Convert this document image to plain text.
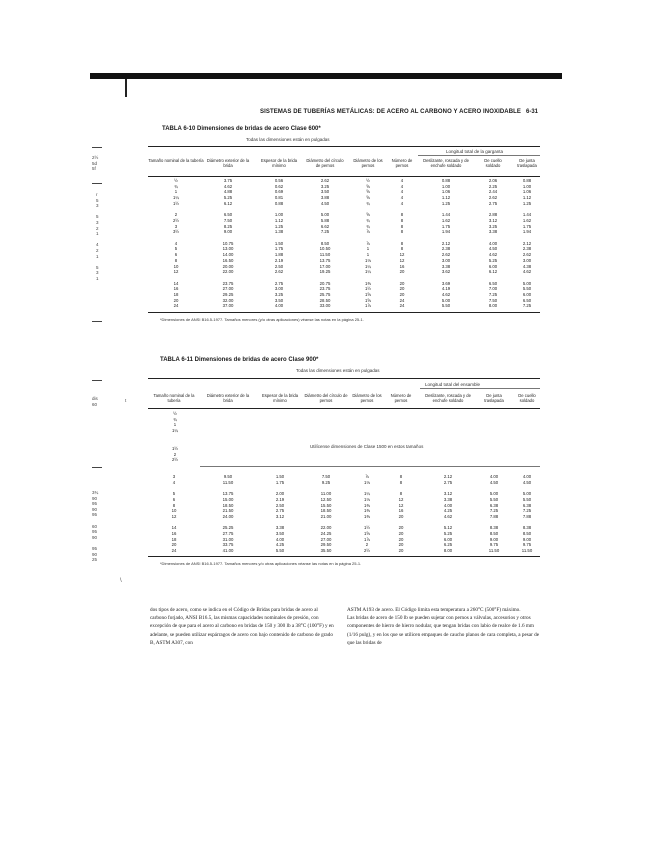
SISTEMAS DE TUBERÍAS METÁLICAS: DE ACERO AL CARBONO Y ACERO INOXIDABLE 6-31
2½
5d
5f
r
5
3

5
3
2
1

4
2
1

5
3
1
TABLA 6-10 Dimensiones de bridas de acero Clase 600*
Todas las dimensiones están en pulgadas
Longitud total de la garganta
Tamaño nominal de la tubería Diámetro exterior de la brida
Espesor de la brida mínimo
Diámetro del círculo de pernos
Diámetro de los pernos
Número de pernos
Deslizante, roscada y de enchufe soldado
De cuello soldado
De junta traslapada
½
¾
1
1¼
1½

2
2½
3
3½

4
5
6
8
10
12

14
16
18
20
24
3.75
4.62
4.88
5.25
6.12

6.50
7.50
8.25
9.00

10.75
13.00
14.00
16.50
20.00
22.00

23.75
27.00
29.25
32.00
37.00
0.56
0.62
0.69
0.81
0.88

1.00
1.12
1.25
1.38

1.50
1.75
1.88
2.19
2.50
2.62

2.75
3.00
3.25
3.50
4.00
2.62
3.25
3.50
3.88
4.50

5.00
5.88
6.62
7.25

8.50
10.50
11.50
13.75
17.00
19.25

20.75
23.75
25.75
28.50
33.00
½
⅝
⅝
⅝
¾

⅝
¾
¾
⅞

⅞
1
1
1⅛
1¼
1¼

1⅜
1½
1⅝
1⅝
1⅞
4
4
4
4
4

8
8
8
8

8
8
12
12
16
20

20
20
20
24
24
0.88
1.00
1.06
1.12
1.25

1.44
1.62
1.75
1.94

2.12
2.38
2.62
3.00
3.38
3.62

3.69
4.19
4.62
5.00
5.50
2.06
2.25
2.44
2.62
2.75

2.88
3.12
3.25
3.38

4.00
4.50
4.62
5.25
6.00
6.12

6.50
7.00
7.25
7.50
8.00
0.88
1.00
1.06
1.12
1.25

1.44
1.62
1.75
1.94

2.12
2.38
2.62
3.00
4.38
4.62

5.00
5.50
6.00
6.50
7.25
*Dimensiones de ANSI B16.5-1977. Tamaños menores (y/o otras aplicaciones) véanse las notas en la página 25-1.
TABLA 6-11 Dimensiones de bridas de acero Clase 900*
Todas las dimensiones están en pulgadas
Longitud total del ensamble
Tamaño nominal de la tubería
Diámetro exterior de la brida
Espesor de la brida mínimo
Diámetro del círculo de pernos
Diámetro de los pernos
Número de pernos
Deslizante, roscada y de enchufe soldado
De junta traslapada
De cuello soldado
½
¾
1
1¼
1½
2
2½
Utilícense dimensiones de Clase 1500 en estos tamaños
3
4

5
6
8
10
12

14
16
18
20
24
9.50
11.50

13.75
15.00
18.50
21.50
24.00

25.25
27.75
31.00
33.75
41.00
1.50
1.75

2.00
2.19
2.50
2.75
3.12

3.38
3.50
4.00
4.25
5.50
7.50
9.25

11.00
12.50
15.50
18.50
21.00

22.00
24.25
27.00
29.50
35.50
⅞
1⅛

1¼
1⅛
1⅜
1⅜
1⅜

1½
1⅝
1⅞
2
2½
8
8

8
12
12
16
20

20
20
20
20
20
2.12
2.75

3.12
3.38
4.00
4.25
4.62

5.12
5.25
6.00
6.25
8.00
4.00
4.50

5.00
5.50
6.38
7.25
7.88

8.38
8.50
9.00
9.75
11.50
4.00
4.50

5.00
5.50
6.38
7.25
7.88

8.38
8.50
9.00
9.75
11.50
*Dimensiones de ANSI B16.5-1977. Tamaños menores y/o otras aplicaciones véanse las notas en la página 25-1.
dis
60
t
3¾
90
95
90
95

60
95
90

95
90
25
\
dos tipos de acero, como se indica en el Código de Bridas para bridas de acero al carbono forjado, ANSI B16.5, las mismas capacidades nominales de presión, con excepción de que para el acero al carbono en bridas de 150 y 300 lb a 38°C (100°F) y en adelante, se pueden utilizar espárragos de acero con bajo contenido de carbono de grado B, ASTM A307, con
ASTM A193 de acero. El Código limita esta temperatura a 260°C (500°F) máximo.
Las bridas de acero de 150 lb se pueden sujetar con pernos a válvulas, accesorios y otros componentes de hierro de hierro nodular, que tengan bridas con labio de realce de 1.6 mm (1/16 pulg), y en los que se utilicen empaques de caucho planos de cara completa, a pesar de que las bridas de
